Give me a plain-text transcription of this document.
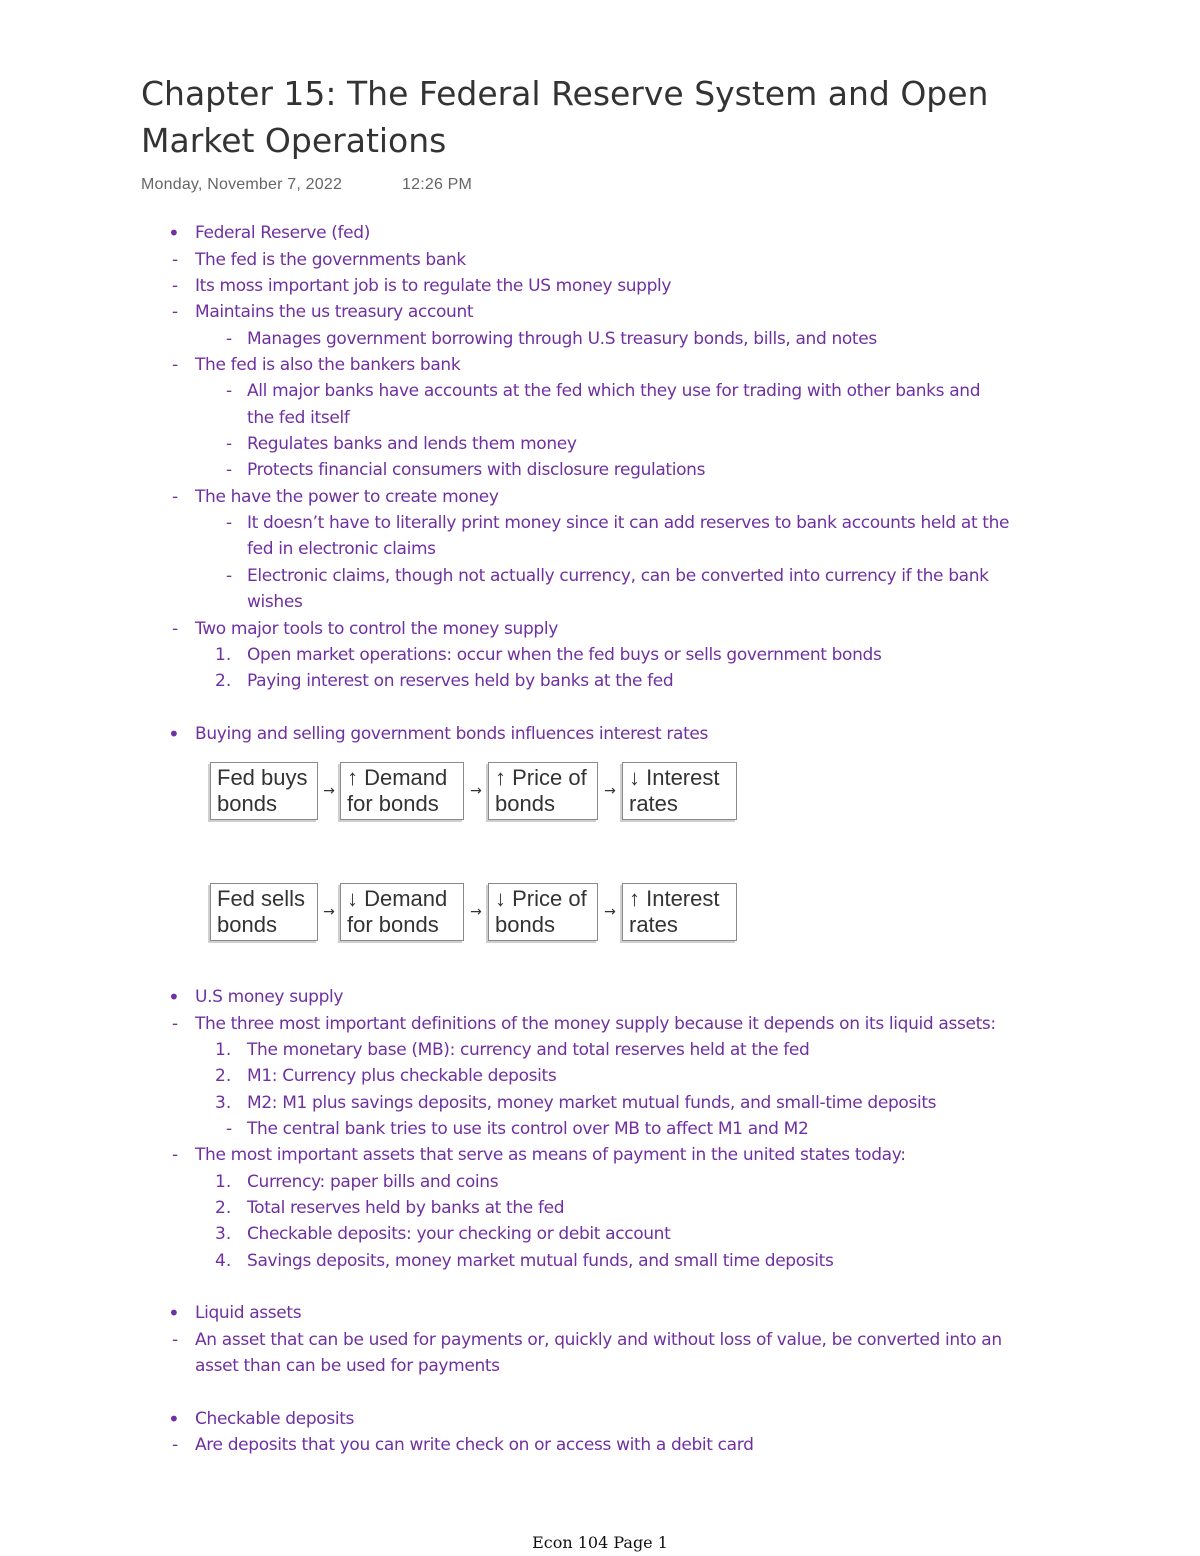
Chapter 15: The Federal Reserve System and Open Market Operations
Monday, November 7, 2022	12:26 PM
• Federal Reserve (fed)
- The fed is the governments bank
- Its moss important job is to regulate the US money supply
- Maintains the us treasury account
- Manages government borrowing through U.S treasury bonds, bills, and notes
- The fed is also the bankers bank
- All major banks have accounts at the fed which they use for trading with other banks and
the fed itself
- Regulates banks and lends them money
- Protects financial consumers with disclosure regulations
- The have the power to create money
- It doesn’t have to literally print money since it can add reserves to bank accounts held at the
fed in electronic claims
- Electronic claims, though not actually currency, can be converted into currency if the bank
wishes
- Two major tools to control the money supply
1. Open market operations: occur when the fed buys or sells government bonds
2. Paying interest on reserves held by banks at the fed
• Buying and selling government bonds influences interest rates
• U.S money supply
- The three most important definitions of the money supply because it depends on its liquid assets:
1. The monetary base (MB): currency and total reserves held at the fed
2. M1: Currency plus checkable deposits
3. M2: M1 plus savings deposits, money market mutual funds, and small-time deposits
- The central bank tries to use its control over MB to affect M1 and M2
- The most important assets that serve as means of payment in the united states today:
1. Currency: paper bills and coins
2. Total reserves held by banks at the fed
3. Checkable deposits: your checking or debit account
4. Savings deposits, money market mutual funds, and small time deposits
• Liquid assets
- An asset that can be used for payments or, quickly and without loss of value, be converted into an
asset than can be used for payments
• Checkable deposits
- Are deposits that you can write check on or access with a debit card
Fed buys
bonds	→
↑ Demand
for bonds	→
↑ Price of
bonds	→
↓ Interest
rates
Fed sells
bonds	→
↓ Demand
for bonds	→
↓ Price of
bonds	→
↑ Interest
rates
Econ 104 Page 1
